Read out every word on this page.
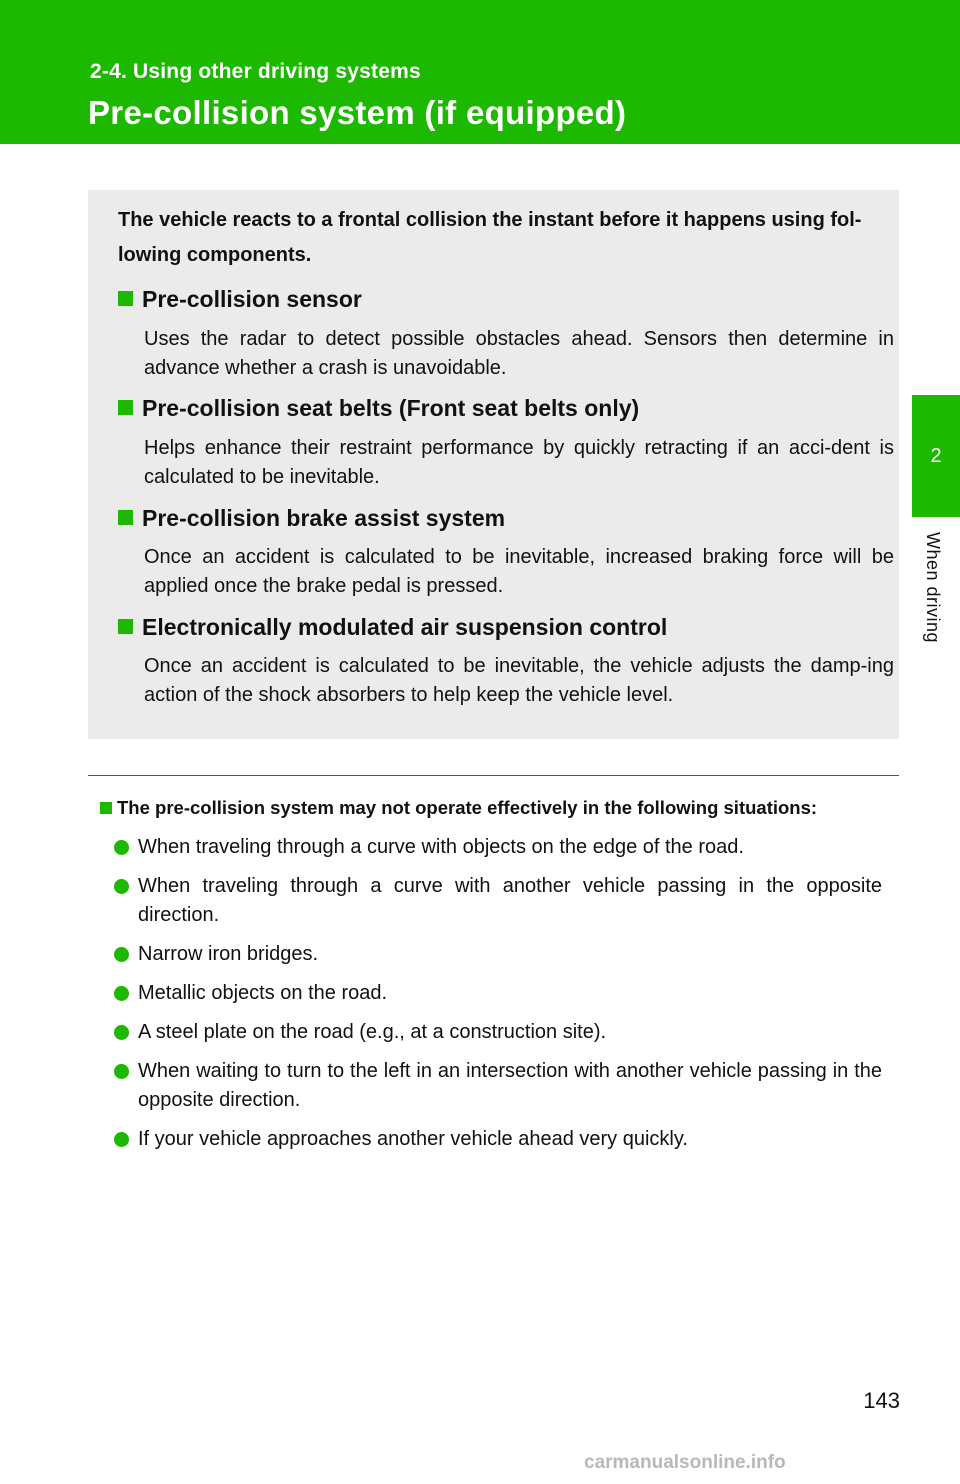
2-4. Using other driving systems
Pre-collision system (if equipped)
2
When driving
The vehicle reacts to a frontal collision the instant before it happens using fol-lowing components.
Pre-collision sensor
Uses the radar to detect possible obstacles ahead. Sensors then determine in advance whether a crash is unavoidable.
Pre-collision seat belts (Front seat belts only)
Helps enhance their restraint performance by quickly retracting if an acci-dent is calculated to be inevitable.
Pre-collision brake assist system
Once an accident is calculated to be inevitable, increased braking force will be applied once the brake pedal is pressed.
Electronically modulated air suspension control
Once an accident is calculated to be inevitable, the vehicle adjusts the damp-ing action of the shock absorbers to help keep the vehicle level.
The pre-collision system may not operate effectively in the following situations:
When traveling through a curve with objects on the edge of the road.
When traveling through a curve with another vehicle passing in the opposite direction.
Narrow iron bridges.
Metallic objects on the road.
A steel plate on the road (e.g., at a construction site).
When waiting to turn to the left in an intersection with another vehicle passing in the opposite direction.
If your vehicle approaches another vehicle ahead very quickly.
143
carmanualsonline.info
